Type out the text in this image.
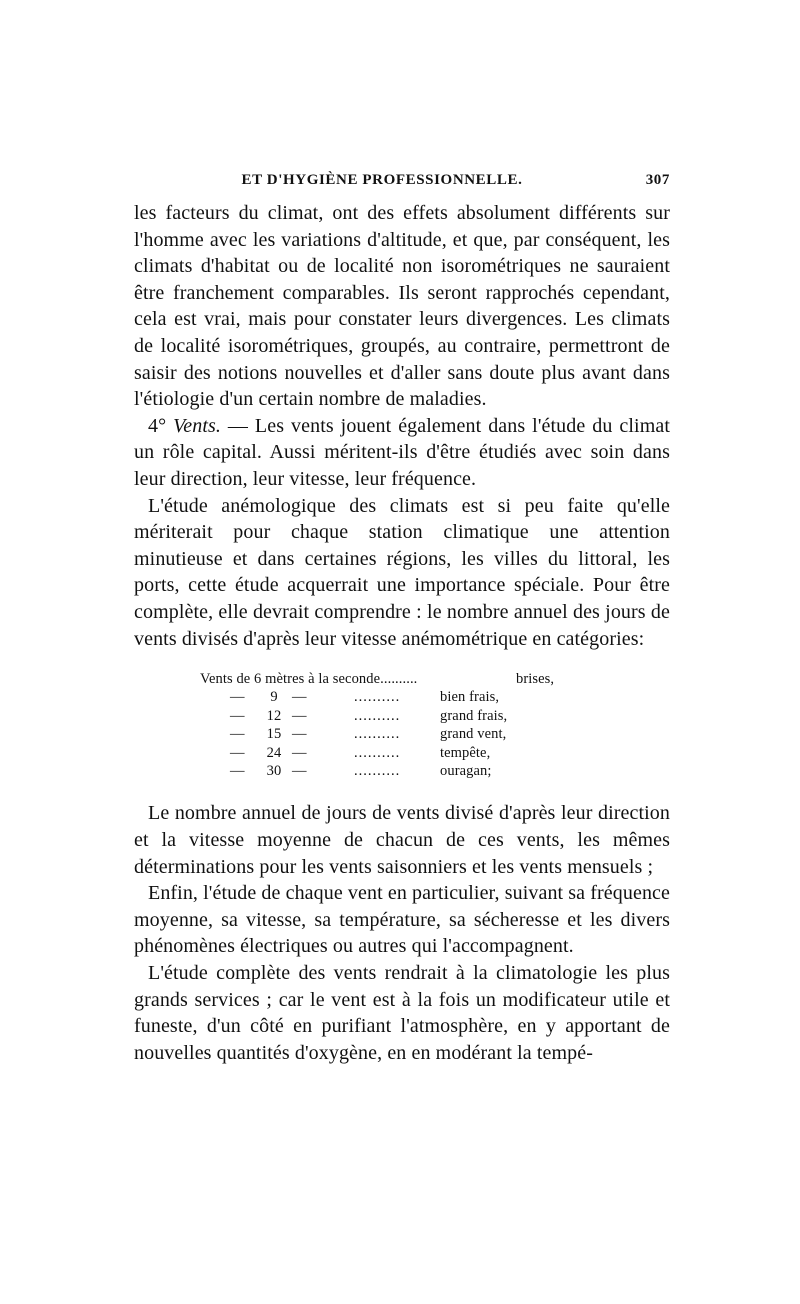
ET D'HYGIÈNE PROFESSIONNELLE.	307

les facteurs du climat, ont des effets absolument différents sur l'homme avec les variations d'altitude, et que, par conséquent, les climats d'habitat ou de localité non isorométriques ne sauraient être franchement comparables. Ils seront rapprochés cependant, cela est vrai, mais pour constater leurs divergences. Les climats de localité isorométriques, groupés, au contraire, permettront de saisir des notions nouvelles et d'aller sans doute plus avant dans l'étiologie d'un certain nombre de maladies.

4° Vents. — Les vents jouent également dans l'étude du climat un rôle capital. Aussi méritent-ils d'être étudiés avec soin dans leur direction, leur vitesse, leur fréquence.

L'étude anémologique des climats est si peu faite qu'elle mériterait pour chaque station climatique une attention minutieuse et dans certaines régions, les villes du littoral, les ports, cette étude acquerrait une importance spéciale. Pour être complète, elle devrait comprendre : le nombre annuel des jours de vents divisés d'après leur vitesse anémométrique en catégories:

Vents de 6 mètres à la seconde..........	brises,
—	9 —	..........	bien frais,
—	12 —	..........	grand frais,
—	15 —	..........	grand vent,
—	24 —	..........	tempête,
—	30 —	..........	ouragan;

Le nombre annuel de jours de vents divisé d'après leur direction et la vitesse moyenne de chacun de ces vents, les mêmes déterminations pour les vents saisonniers et les vents mensuels ;

Enfin, l'étude de chaque vent en particulier, suivant sa fréquence moyenne, sa vitesse, sa température, sa sécheresse et les divers phénomènes électriques ou autres qui l'accompagnent.

L'étude complète des vents rendrait à la climatologie les plus grands services ; car le vent est à la fois un modificateur utile et funeste, d'un côté en purifiant l'atmosphère, en y apportant de nouvelles quantités d'oxygène, en en modérant la tempé-
